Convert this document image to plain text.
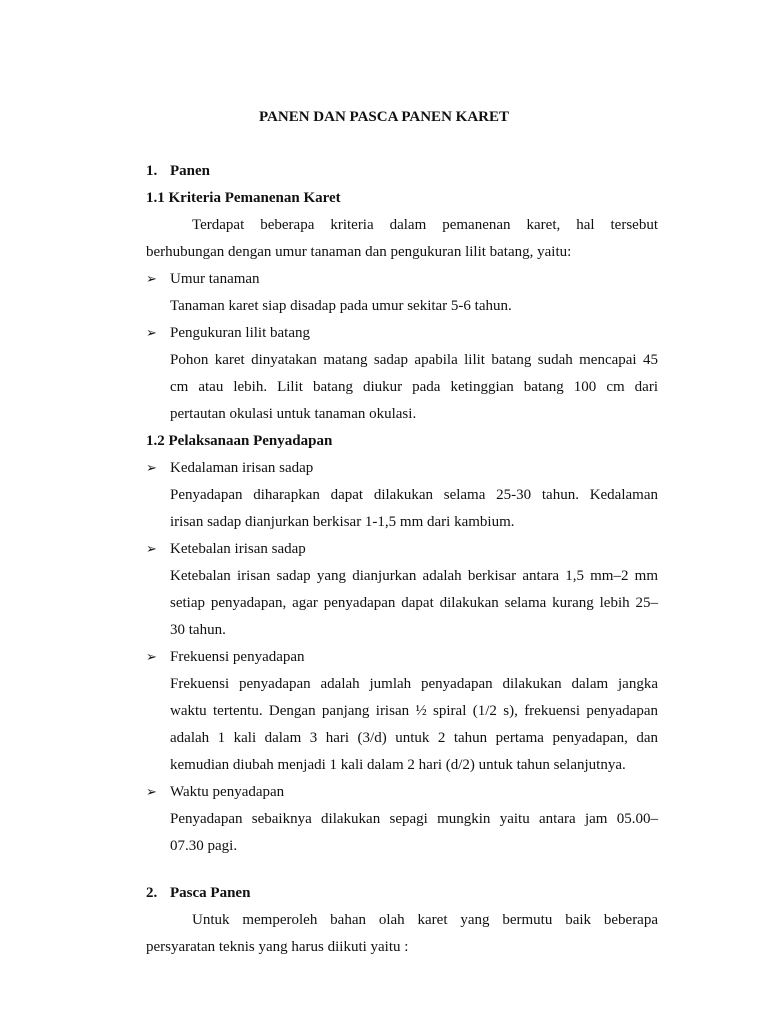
PANEN DAN PASCA PANEN KARET
1. Panen
1.1 Kriteria Pemanenan Karet
Terdapat beberapa kriteria dalam pemanenan karet, hal tersebut
berhubungan dengan umur tanaman dan pengukuran lilit batang, yaitu:
➢ Umur tanaman
Tanaman karet siap disadap pada umur sekitar 5-6 tahun.
➢ Pengukuran lilit batang
Pohon karet dinyatakan matang sadap apabila lilit batang sudah mencapai 45
cm atau lebih. Lilit batang diukur pada ketinggian batang 100 cm dari
pertautan okulasi untuk tanaman okulasi.
1.2 Pelaksanaan Penyadapan
➢ Kedalaman irisan sadap
Penyadapan diharapkan dapat dilakukan selama 25-30 tahun. Kedalaman
irisan sadap dianjurkan berkisar 1-1,5 mm dari kambium.
➢ Ketebalan irisan sadap
Ketebalan irisan sadap yang dianjurkan adalah berkisar antara 1,5 mm–2 mm
setiap penyadapan, agar penyadapan dapat dilakukan selama kurang lebih 25–
30 tahun.
➢ Frekuensi penyadapan
Frekuensi penyadapan adalah jumlah penyadapan dilakukan dalam jangka
waktu tertentu. Dengan panjang irisan ½ spiral (1/2 s), frekuensi penyadapan
adalah 1 kali dalam 3 hari (3/d) untuk 2 tahun pertama penyadapan, dan
kemudian diubah menjadi 1 kali dalam 2 hari (d/2) untuk tahun selanjutnya.
➢ Waktu penyadapan
Penyadapan sebaiknya dilakukan sepagi mungkin yaitu antara jam 05.00–
07.30 pagi.
2. Pasca Panen
Untuk memperoleh bahan olah karet yang bermutu baik beberapa
persyaratan teknis yang harus diikuti yaitu :
